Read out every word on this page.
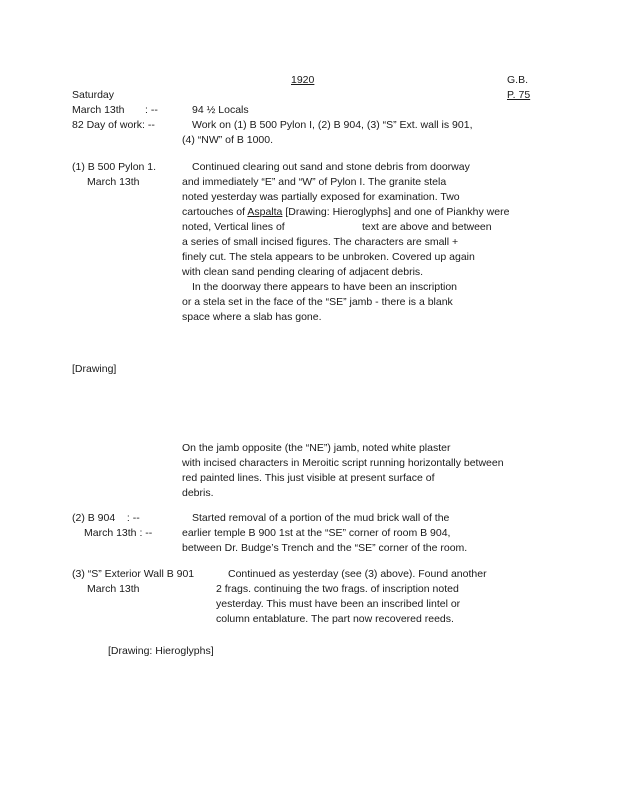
1920	G.B.
P. 75
Saturday
March 13th : --	94 ½ Locals
82 Day of work: --	Work on (1) B 500 Pylon I, (2) B 904, (3) “S” Ext. wall is 901,
(4) “NW” of B 1000.
(1) B 500 Pylon 1.
March 13th
Continued clearing out sand and stone debris from doorway
and immediately “E” and “W” of Pylon I. The granite stela
noted yesterday was partially exposed for examination. Two
cartouches of Aspalta [Drawing: Hieroglyphs] and one of Piankhy were
noted, Vertical lines of	text are above and between
a series of small incised figures. The characters are small +
finely cut. The stela appears to be unbroken. Covered up again
with clean sand pending clearing of adjacent debris.
In the doorway there appears to have been an inscription
or a stela set in the face of the “SE” jamb - there is a blank
space where a slab has gone.
[Drawing]
On the jamb opposite (the “NE”) jamb, noted white plaster
with incised characters in Meroitic script running horizontally between
red painted lines. This just visible at present surface of
debris.
(2) B 904    : --
March 13th : --
Started removal of a portion of the mud brick wall of the
earlier temple B 900 1st at the “SE” corner of room B 904,
between Dr. Budge’s Trench and the “SE” corner of the room.
(3) “S” Exterior Wall B 901
March 13th
Continued as yesterday (see (3) above). Found another
2 frags. continuing the two frags. of inscription noted
yesterday. This must have been an inscribed lintel or
column entablature. The part now recovered reeds.
[Drawing: Hieroglyphs]
